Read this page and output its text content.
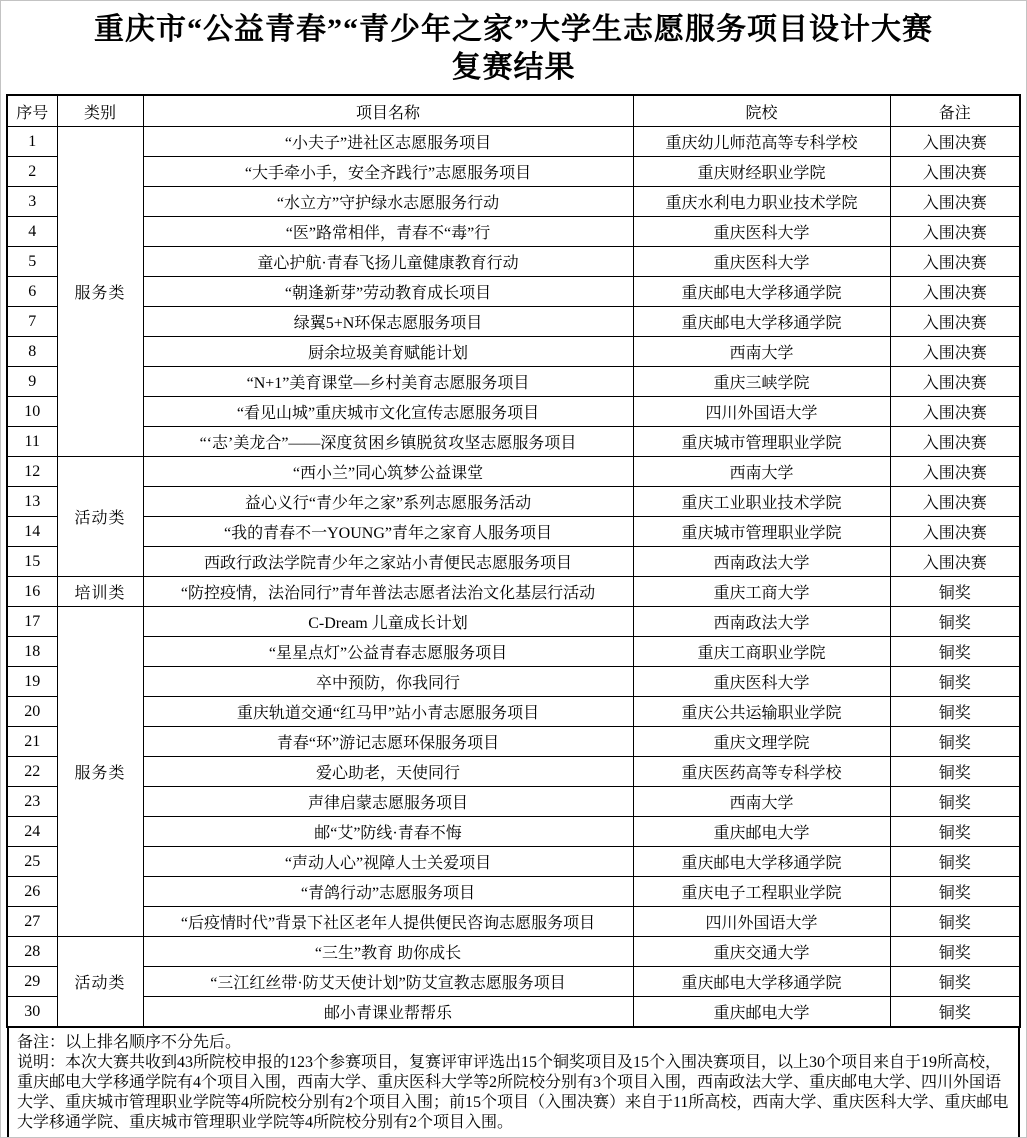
重庆市“公益青春”“青少年之家”大学生志愿服务项目设计大赛
复赛结果
序号	类别	项目名称	院校	备注
1	服务类	“小夫子”进社区志愿服务项目	重庆幼儿师范高等专科学校	入围决赛
2		“大手牵小手，安全齐践行”志愿服务项目	重庆财经职业学院	入围决赛
3		“水立方”守护绿水志愿服务行动	重庆水利电力职业技术学院	入围决赛
4		“医”路常相伴，青春不“毒”行	重庆医科大学	入围决赛
5		童心护航·青春飞扬儿童健康教育行动	重庆医科大学	入围决赛
6		“朝逢新芽”劳动教育成长项目	重庆邮电大学移通学院	入围决赛
7		绿翼5+N环保志愿服务项目	重庆邮电大学移通学院	入围决赛
8		厨余垃圾美育赋能计划	西南大学	入围决赛
9		“N+1”美育课堂—乡村美育志愿服务项目	重庆三峡学院	入围决赛
10		“看见山城”重庆城市文化宣传志愿服务项目	四川外国语大学	入围决赛
11		“‘志’美龙合”——深度贫困乡镇脱贫攻坚志愿服务项目	重庆城市管理职业学院	入围决赛
12	活动类	“西小兰”同心筑梦公益课堂	西南大学	入围决赛
13		益心义行“青少年之家”系列志愿服务活动	重庆工业职业技术学院	入围决赛
14		“我的青春不一YOUNG”青年之家育人服务项目	重庆城市管理职业学院	入围决赛
15		西政行政法学院青少年之家站小青便民志愿服务项目	西南政法大学	入围决赛
16	培训类	“防控疫情，法治同行”青年普法志愿者法治文化基层行活动	重庆工商大学	铜奖
17	服务类	C-Dream 儿童成长计划	西南政法大学	铜奖
18		“星星点灯”公益青春志愿服务项目	重庆工商职业学院	铜奖
19		卒中预防，你我同行	重庆医科大学	铜奖
20		重庆轨道交通“红马甲”站小青志愿服务项目	重庆公共运输职业学院	铜奖
21		青春“环”游记志愿环保服务项目	重庆文理学院	铜奖
22		爱心助老，天使同行	重庆医药高等专科学校	铜奖
23		声律启蒙志愿服务项目	西南大学	铜奖
24		邮“艾”防线·青春不悔	重庆邮电大学	铜奖
25		“声动人心”视障人士关爱项目	重庆邮电大学移通学院	铜奖
26		“青鸽行动”志愿服务项目	重庆电子工程职业学院	铜奖
27		“后疫情时代”背景下社区老年人提供便民咨询志愿服务项目	四川外国语大学	铜奖
28	活动类	“三生”教育 助你成长	重庆交通大学	铜奖
29		“三江红丝带·防艾天使计划”防艾宣教志愿服务项目	重庆邮电大学移通学院	铜奖
30		邮小青课业帮帮乐	重庆邮电大学	铜奖

备注：以上排名顺序不分先后。

说明：本次大赛共收到43所院校申报的123个参赛项目，复赛评审评选出15个铜奖项目及15个入围决赛项目，以上30个项目来自于19所高校，重庆邮电大学移通学院有4个项目入围，西南大学、重庆医科大学等2所院校分别有3个项目入围，西南政法大学、重庆邮电大学、四川外国语大学、重庆城市管理职业学院等4所院校分别有2个项目入围；前15个项目（入围决赛）来自于11所高校，西南大学、重庆医科大学、重庆邮电大学移通学院、重庆城市管理职业学院等4所院校分别有2个项目入围。
